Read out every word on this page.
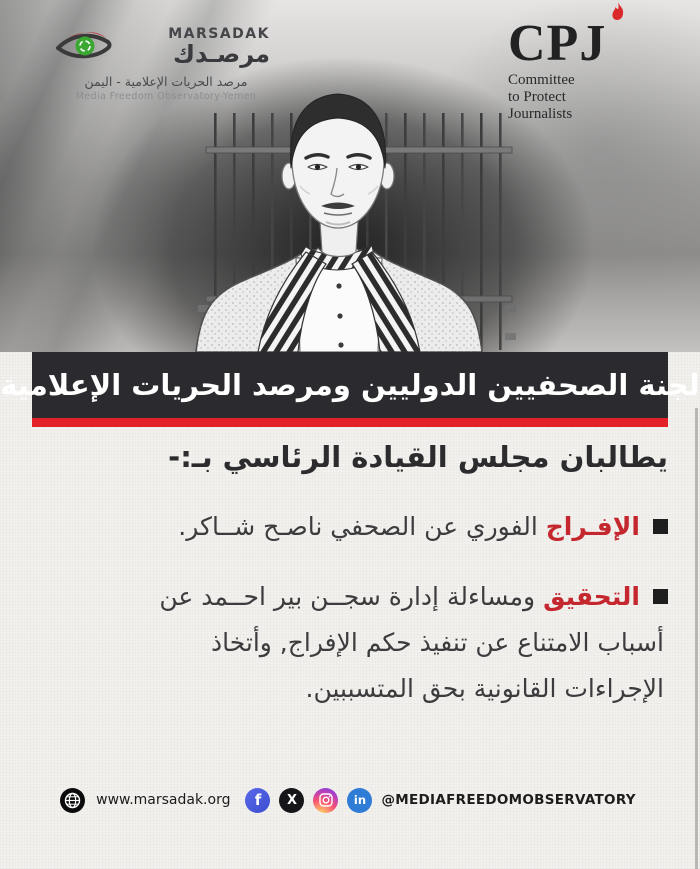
MARSADAK
مرصـدك
مرصد الحريات الإعلامية - اليمن
Media Freedom Observatory-Yemen
CPJ
Committee
to Protect
Journalists
لجنة الصحفيين الدوليين ومرصد الحريات الإعلامية
يطالبان مجلس القيادة الرئاسي بـ:-
الإفـراج الفوري عن الصحفي ناصـح شــاكر.
التحقيق ومساءلة إدارة سجــن بير احــمد عن
أسباب الامتناع عن تنفيذ حكم الإفراج, وأتخاذ
الإجراءات القانونية بحق المتسببين.
www.marsadak.org f X	in @MEDIAFREEDOMOBSERVATORY
